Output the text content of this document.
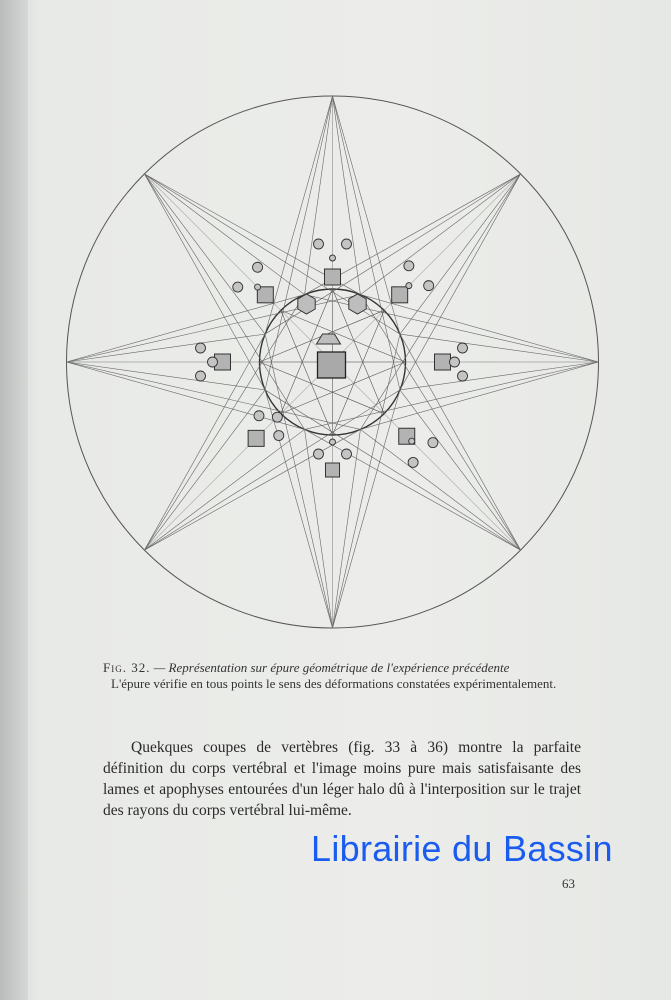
Fig. 32. — Représentation sur épure géométrique de l'expérience précédente
L'épure vérifie en tous points le sens des déformations constatées expérimentalement.
Quekques coupes de vertèbres (fig. 33 à 36) montre la parfaite définition du corps vertébral et l'image moins pure mais satisfaisante des lames et apophyses entourées d'un léger halo dû à l'interposition sur le trajet des rayons du corps vertébral lui-même.
Librairie du Bassin
63
